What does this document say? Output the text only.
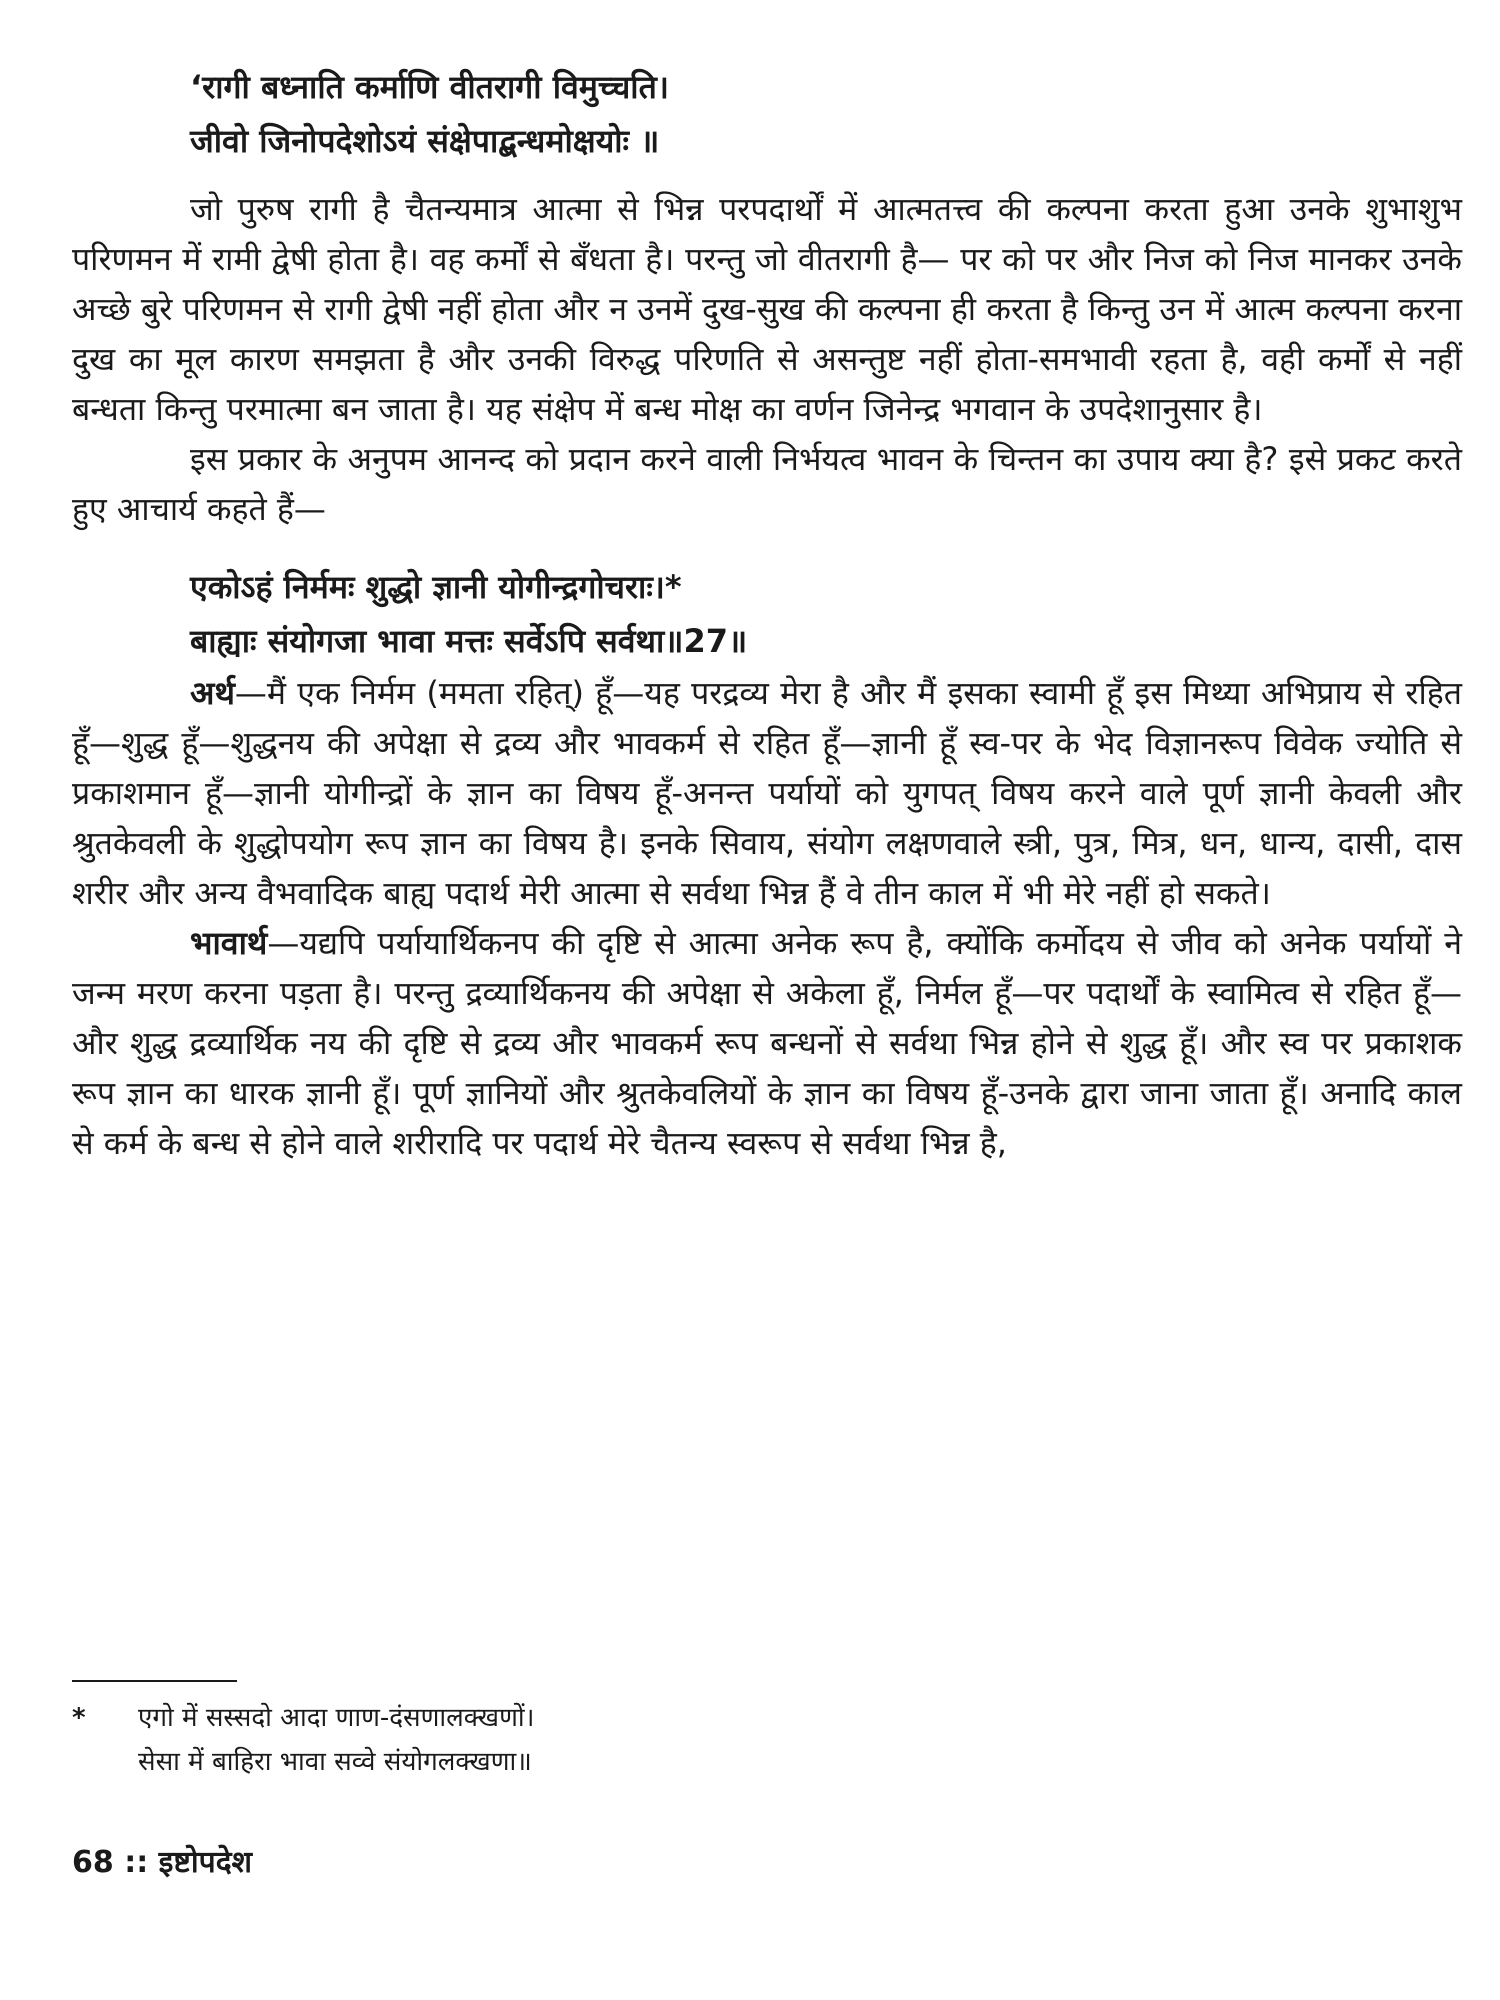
‘रागी बध्नाति कर्माणि वीतरागी विमुच्चति।
जीवो जिनोपदेशोऽयं संक्षेपाद्बन्धमोक्षयोः ॥

जो पुरुष रागी है चैतन्यमात्र आत्मा से भिन्न परपदार्थों में आत्मतत्त्व की कल्पना करता हुआ उनके शुभाशुभ परिणमन में रामी द्वेषी होता है। वह कर्मों से बँधता है। परन्तु जो वीतरागी है— पर को पर और निज को निज मानकर उनके अच्छे बुरे परिणमन से रागी द्वेषी नहीं होता और न उनमें दुख-सुख की कल्पना ही करता है किन्तु उन में आत्म कल्पना करना दुख का मूल कारण समझता है और उनकी विरुद्ध परिणति से असन्तुष्ट नहीं होता-समभावी रहता है, वही कर्मों से नहीं बन्धता किन्तु परमात्मा बन जाता है। यह संक्षेप में बन्ध मोक्ष का वर्णन जिनेन्द्र भगवान के उपदेशानुसार है।

इस प्रकार के अनुपम आनन्द को प्रदान करने वाली निर्भयत्व भावन के चिन्तन का उपाय क्या है? इसे प्रकट करते हुए आचार्य कहते हैं—

एकोऽहं निर्ममः शुद्धो ज्ञानी योगीन्द्रगोचराः।*
बाह्याः संयोगजा भावा मत्तः सर्वेऽपि सर्वथा॥27॥

अर्थ—मैं एक निर्मम (ममता रहित्) हूँ—यह परद्रव्य मेरा है और मैं इसका स्वामी हूँ इस मिथ्या अभिप्राय से रहित हूँ—शुद्ध हूँ—शुद्धनय की अपेक्षा से द्रव्य और भावकर्म से रहित हूँ—ज्ञानी हूँ स्व-पर के भेद विज्ञानरूप विवेक ज्योति से प्रकाशमान हूँ—ज्ञानी योगीन्द्रों के ज्ञान का विषय हूँ-अनन्त पर्यायों को युगपत् विषय करने वाले पूर्ण ज्ञानी केवली और श्रुतकेवली के शुद्धोपयोग रूप ज्ञान का विषय है। इनके सिवाय, संयोग लक्षणवाले स्त्री, पुत्र, मित्र, धन, धान्य, दासी, दास शरीर और अन्य वैभवादिक बाह्य पदार्थ मेरी आत्मा से सर्वथा भिन्न हैं वे तीन काल में भी मेरे नहीं हो सकते।

भावार्थ—यद्यपि पर्यायार्थिकनप की दृष्टि से आत्मा अनेक रूप है, क्योंकि कर्मोदय से जीव को अनेक पर्यायों ने जन्म मरण करना पड़ता है। परन्तु द्रव्यार्थिकनय की अपेक्षा से अकेला हूँ, निर्मल हूँ—पर पदार्थों के स्वामित्व से रहित हूँ—और शुद्ध द्रव्यार्थिक नय की दृष्टि से द्रव्य और भावकर्म रूप बन्धनों से सर्वथा भिन्न होने से शुद्ध हूँ। और स्व पर प्रकाशक रूप ज्ञान का धारक ज्ञानी हूँ। पूर्ण ज्ञानियों और श्रुतकेवलियों के ज्ञान का विषय हूँ-उनके द्वारा जाना जाता हूँ। अनादि काल से कर्म के बन्ध से होने वाले शरीरादि पर पदार्थ मेरे चैतन्य स्वरूप से सर्वथा भिन्न है,

*	एगो में सस्सदो आदा णाण-दंसणालक्खणों।
सेसा में बाहिरा भावा सव्वे संयोगलक्खणा॥
68 :: इष्टोपदेश
